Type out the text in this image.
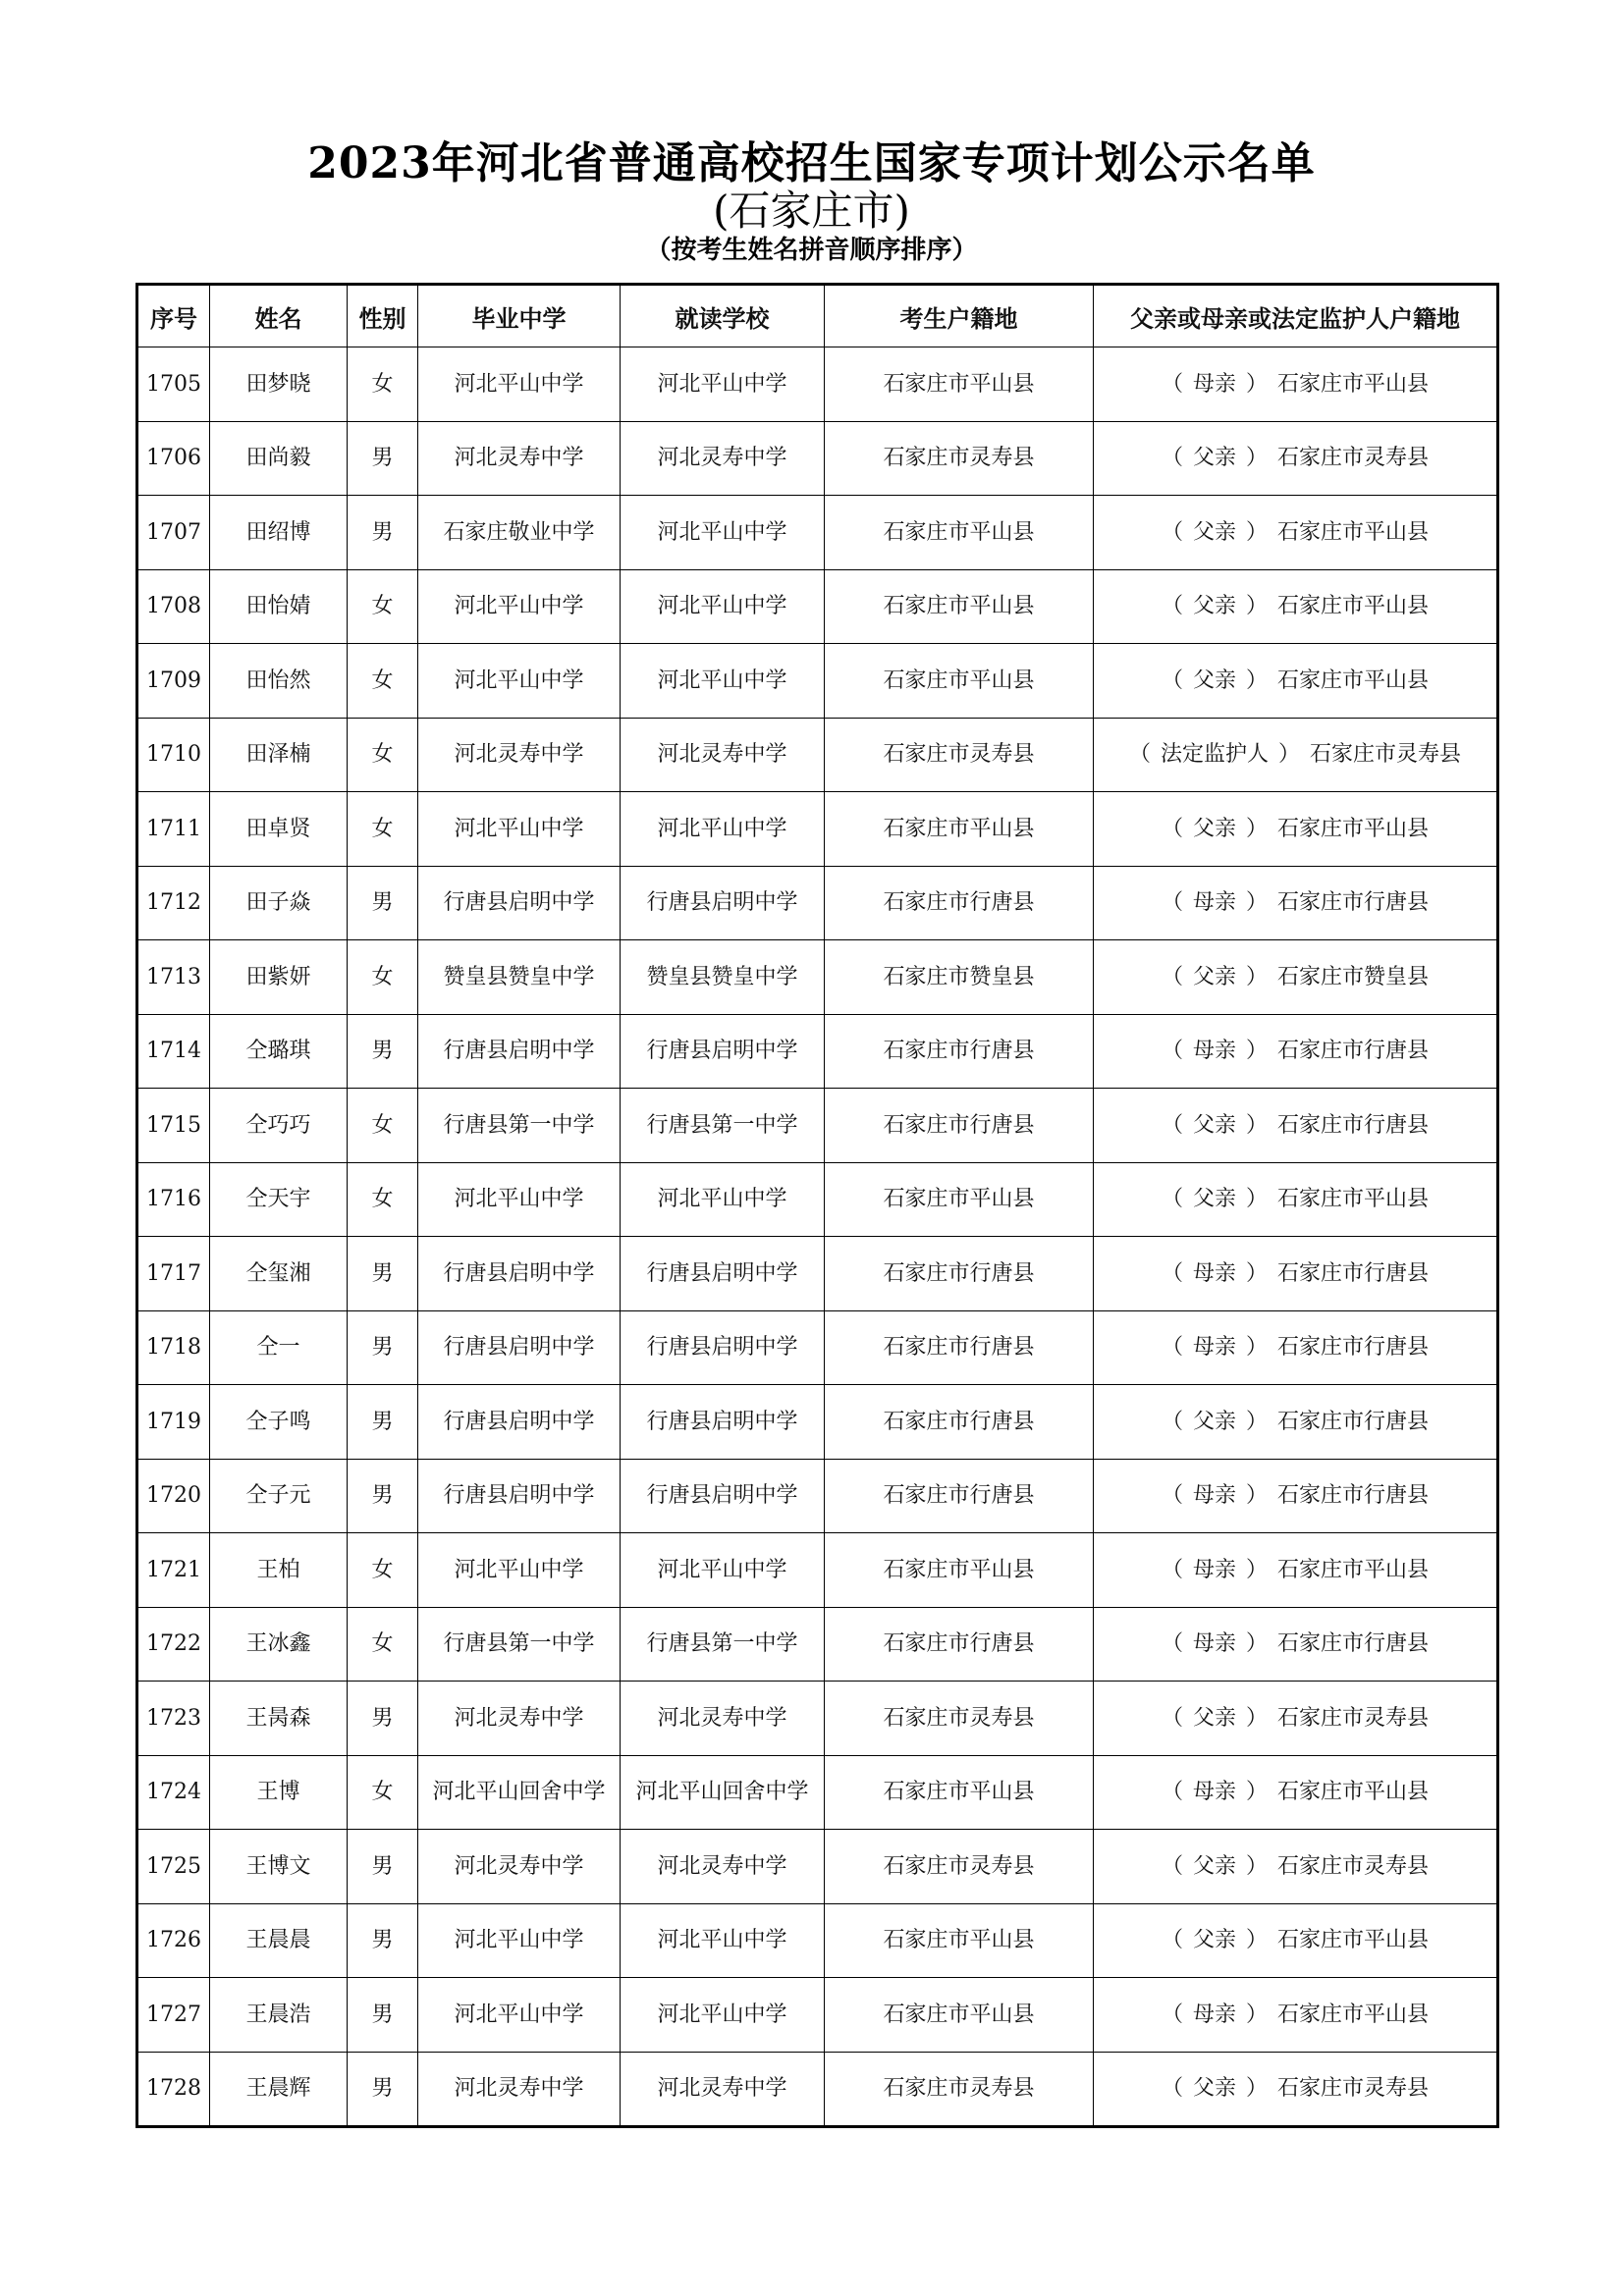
2023年河北省普通高校招生国家专项计划公示名单
(石家庄市)
（按考生姓名拼音顺序排序）
序号	姓名	性别	毕业中学	就读学校	考生户籍地	父亲或母亲或法定监护人户籍地
1705	田梦晓	女	河北平山中学	河北平山中学	石家庄市平山县	（ 母亲 ） 石家庄市平山县
1706	田尚毅	男	河北灵寿中学	河北灵寿中学	石家庄市灵寿县	（ 父亲 ） 石家庄市灵寿县
1707	田绍博	男	石家庄敬业中学	河北平山中学	石家庄市平山县	（ 父亲 ） 石家庄市平山县
1708	田怡婧	女	河北平山中学	河北平山中学	石家庄市平山县	（ 父亲 ） 石家庄市平山县
1709	田怡然	女	河北平山中学	河北平山中学	石家庄市平山县	（ 父亲 ） 石家庄市平山县
1710	田泽楠	女	河北灵寿中学	河北灵寿中学	石家庄市灵寿县	（ 法定监护人 ） 石家庄市灵寿县
1711	田卓贤	女	河北平山中学	河北平山中学	石家庄市平山县	（ 父亲 ） 石家庄市平山县
1712	田子焱	男	行唐县启明中学	行唐县启明中学	石家庄市行唐县	（ 母亲 ） 石家庄市行唐县
1713	田紫妍	女	赞皇县赞皇中学	赞皇县赞皇中学	石家庄市赞皇县	（ 父亲 ） 石家庄市赞皇县
1714	仝璐琪	男	行唐县启明中学	行唐县启明中学	石家庄市行唐县	（ 母亲 ） 石家庄市行唐县
1715	仝巧巧	女	行唐县第一中学	行唐县第一中学	石家庄市行唐县	（ 父亲 ） 石家庄市行唐县
1716	仝天宇	女	河北平山中学	河北平山中学	石家庄市平山县	（ 父亲 ） 石家庄市平山县
1717	仝玺湘	男	行唐县启明中学	行唐县启明中学	石家庄市行唐县	（ 母亲 ） 石家庄市行唐县
1718	仝一	男	行唐县启明中学	行唐县启明中学	石家庄市行唐县	（ 母亲 ） 石家庄市行唐县
1719	仝子鸣	男	行唐县启明中学	行唐县启明中学	石家庄市行唐县	（ 父亲 ） 石家庄市行唐县
1720	仝子元	男	行唐县启明中学	行唐县启明中学	石家庄市行唐县	（ 母亲 ） 石家庄市行唐县
1721	王柏	女	河北平山中学	河北平山中学	石家庄市平山县	（ 母亲 ） 石家庄市平山县
1722	王冰鑫	女	行唐县第一中学	行唐县第一中学	石家庄市行唐县	（ 母亲 ） 石家庄市行唐县
1723	王昺森	男	河北灵寿中学	河北灵寿中学	石家庄市灵寿县	（ 父亲 ） 石家庄市灵寿县
1724	王博	女	河北平山回舍中学	河北平山回舍中学	石家庄市平山县	（ 母亲 ） 石家庄市平山县
1725	王博文	男	河北灵寿中学	河北灵寿中学	石家庄市灵寿县	（ 父亲 ） 石家庄市灵寿县
1726	王晨晨	男	河北平山中学	河北平山中学	石家庄市平山县	（ 父亲 ） 石家庄市平山县
1727	王晨浩	男	河北平山中学	河北平山中学	石家庄市平山县	（ 母亲 ） 石家庄市平山县
1728	王晨辉	男	河北灵寿中学	河北灵寿中学	石家庄市灵寿县	（ 父亲 ） 石家庄市灵寿县
